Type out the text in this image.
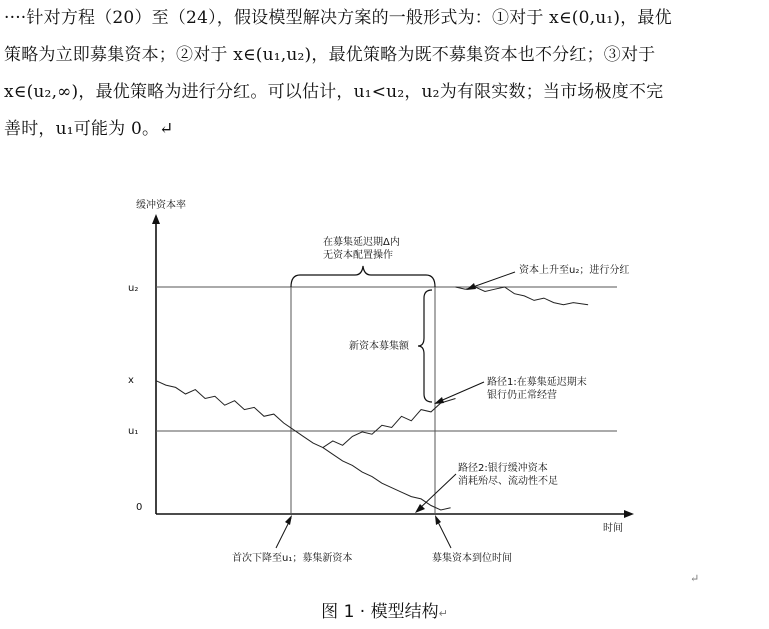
····针对方程（20）至（24），假设模型解决方案的一般形式为：①对于 x∈(0,u₁)，最优
策略为立即募集资本；②对于 x∈(u₁,u₂)，最优策略为既不募集资本也不分红；③对于
x∈(u₂,∞)，最优策略为进行分红。可以估计，u₁<u₂，u₂为有限实数；当市场极度不完
善时，u₁可能为 0。↵
缓冲资本率
时间
u₂
x
u₁
0
在募集延迟期Δ内
无资本配置操作
新资本募集额
资本上升至u₂；进行分红
路径1:在募集延迟期末
银行仍正常经营
路径2:银行缓冲资本
消耗殆尽、流动性不足
首次下降至u₁；募集新资本	募集资本到位时间
↵
图 1 · 模型结构↵
